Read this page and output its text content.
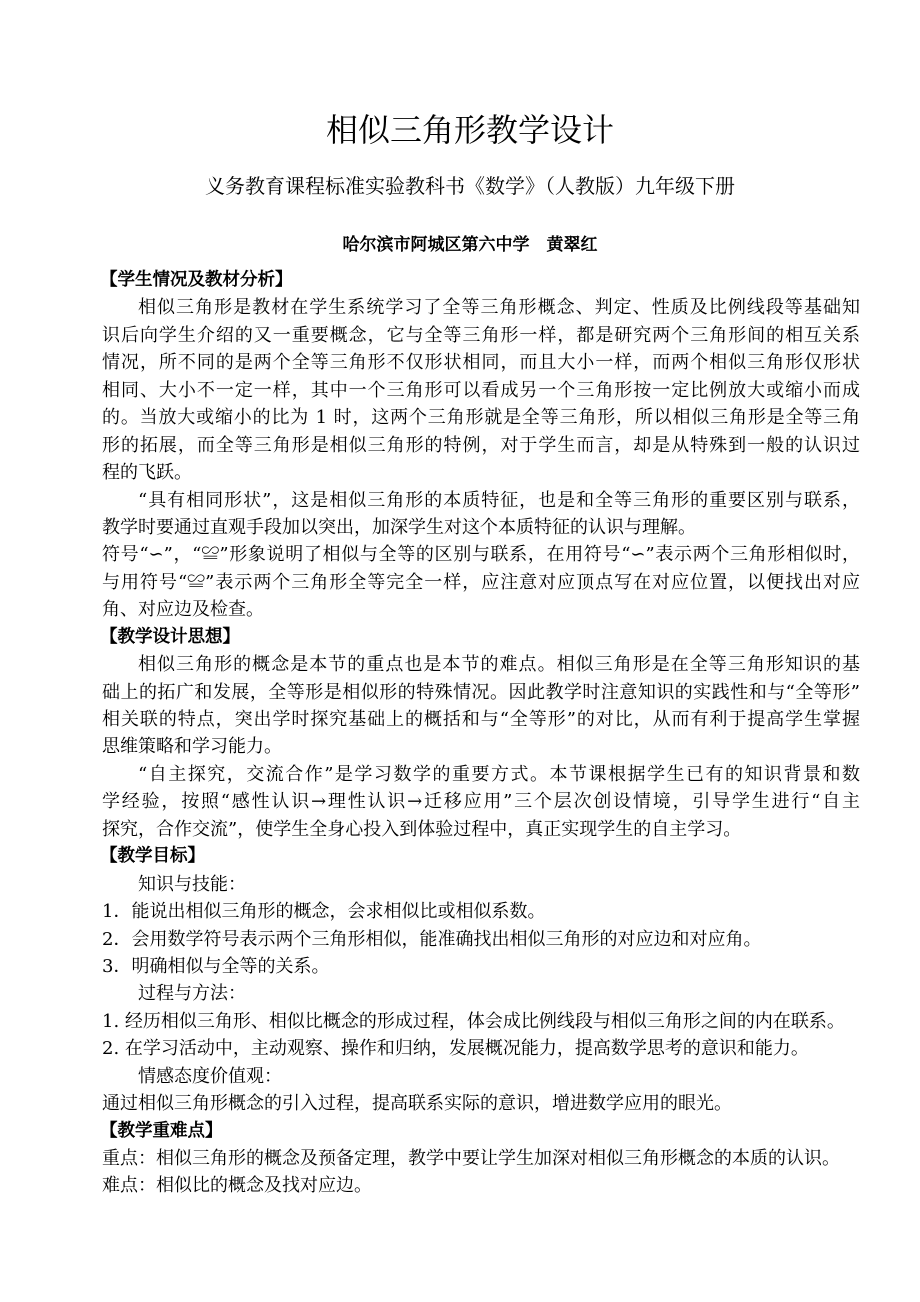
相似三角形教学设计
义务教育课程标准实验教科书《数学》（人教版）九年级下册
哈尔滨市阿城区第六中学　黄翠红
【学生情况及教材分析】
相似三角形是教材在学生系统学习了全等三角形概念、判定、性质及比例线段等基础知
识后向学生介绍的又一重要概念，它与全等三角形一样，都是研究两个三角形间的相互关系
情况，所不同的是两个全等三角形不仅形状相同，而且大小一样，而两个相似三角形仅形状
相同、大小不一定一样，其中一个三角形可以看成另一个三角形按一定比例放大或缩小而成
的。当放大或缩小的比为 1 时，这两个三角形就是全等三角形，所以相似三角形是全等三角
形的拓展，而全等三角形是相似三角形的特例，对于学生而言，却是从特殊到一般的认识过
程的飞跃。
“具有相同形状”，这是相似三角形的本质特征，也是和全等三角形的重要区别与联系，
教学时要通过直观手段加以突出，加深学生对这个本质特征的认识与理解。
符号“∽”，“≌”形象说明了相似与全等的区别与联系，在用符号“∽”表示两个三角形相似时，
与用符号“≌”表示两个三角形全等完全一样，应注意对应顶点写在对应位置，以便找出对应
角、对应边及检查。
【教学设计思想】
相似三角形的概念是本节的重点也是本节的难点。相似三角形是在全等三角形知识的基
础上的拓广和发展，全等形是相似形的特殊情况。因此教学时注意知识的实践性和与“全等形”
相关联的特点，突出学时探究基础上的概括和与“全等形”的对比，从而有利于提高学生掌握
思维策略和学习能力。
“自主探究，交流合作”是学习数学的重要方式。本节课根据学生已有的知识背景和数
学经验，按照“感性认识→理性认识→迁移应用”三个层次创设情境，引导学生进行“自主
探究，合作交流”，使学生全身心投入到体验过程中，真正实现学生的自主学习。
【教学目标】
知识与技能：
1．能说出相似三角形的概念，会求相似比或相似系数。
2．会用数学符号表示两个三角形相似，能准确找出相似三角形的对应边和对应角。
3．明确相似与全等的关系。
过程与方法：
1. 经历相似三角形、相似比概念的形成过程，体会成比例线段与相似三角形之间的内在联系。
2. 在学习活动中，主动观察、操作和归纳，发展概况能力，提高数学思考的意识和能力。
情感态度价值观：
通过相似三角形概念的引入过程，提高联系实际的意识，增进数学应用的眼光。
【教学重难点】
重点：相似三角形的概念及预备定理，教学中要让学生加深对相似三角形概念的本质的认识。
难点：相似比的概念及找对应边。
